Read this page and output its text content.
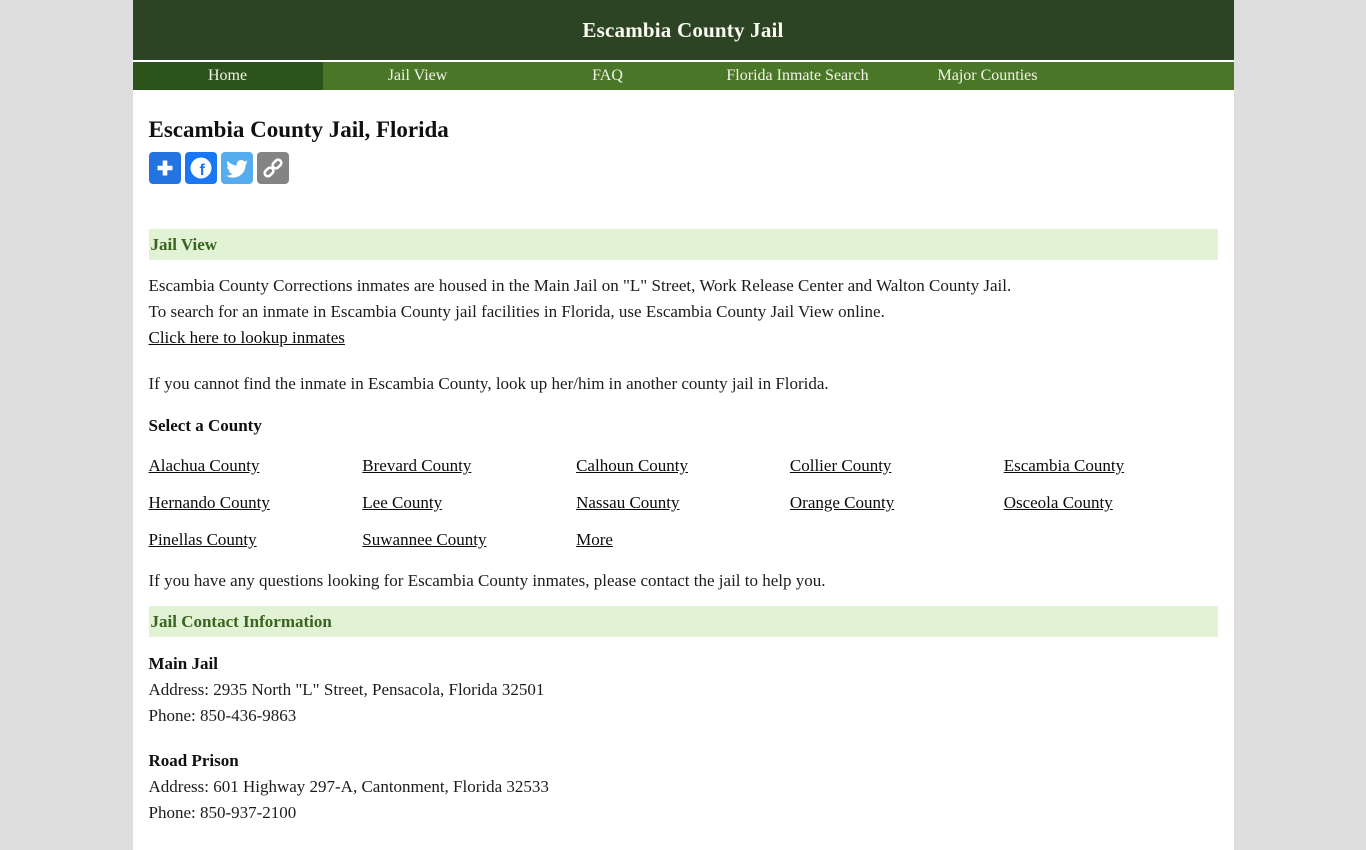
Escambia County Jail
Home	Jail View	FAQ	Florida Inmate Search	Major Counties
Escambia County Jail, Florida
f
Jail View
Escambia County Corrections inmates are housed in the Main Jail on "L" Street, Work Release Center and Walton County Jail.
To search for an inmate in Escambia County jail facilities in Florida, use Escambia County Jail View online.
Click here to lookup inmates

If you cannot find the inmate in Escambia County, look up her/him in another county jail in Florida.

Select a County

Alachua County	Brevard County	Calhoun County	Collier County	Escambia County
Hernando County	Lee County	Nassau County	Orange County	Osceola County
Pinellas County	Suwannee County	More

If you have any questions looking for Escambia County inmates, please contact the jail to help you.

Jail Contact Information
Main Jail
Address: 2935 North "L" Street, Pensacola, Florida 32501
Phone: 850-436-9863
Road Prison
Address: 601 Highway 297-A, Cantonment, Florida 32533
Phone: 850-937-2100
